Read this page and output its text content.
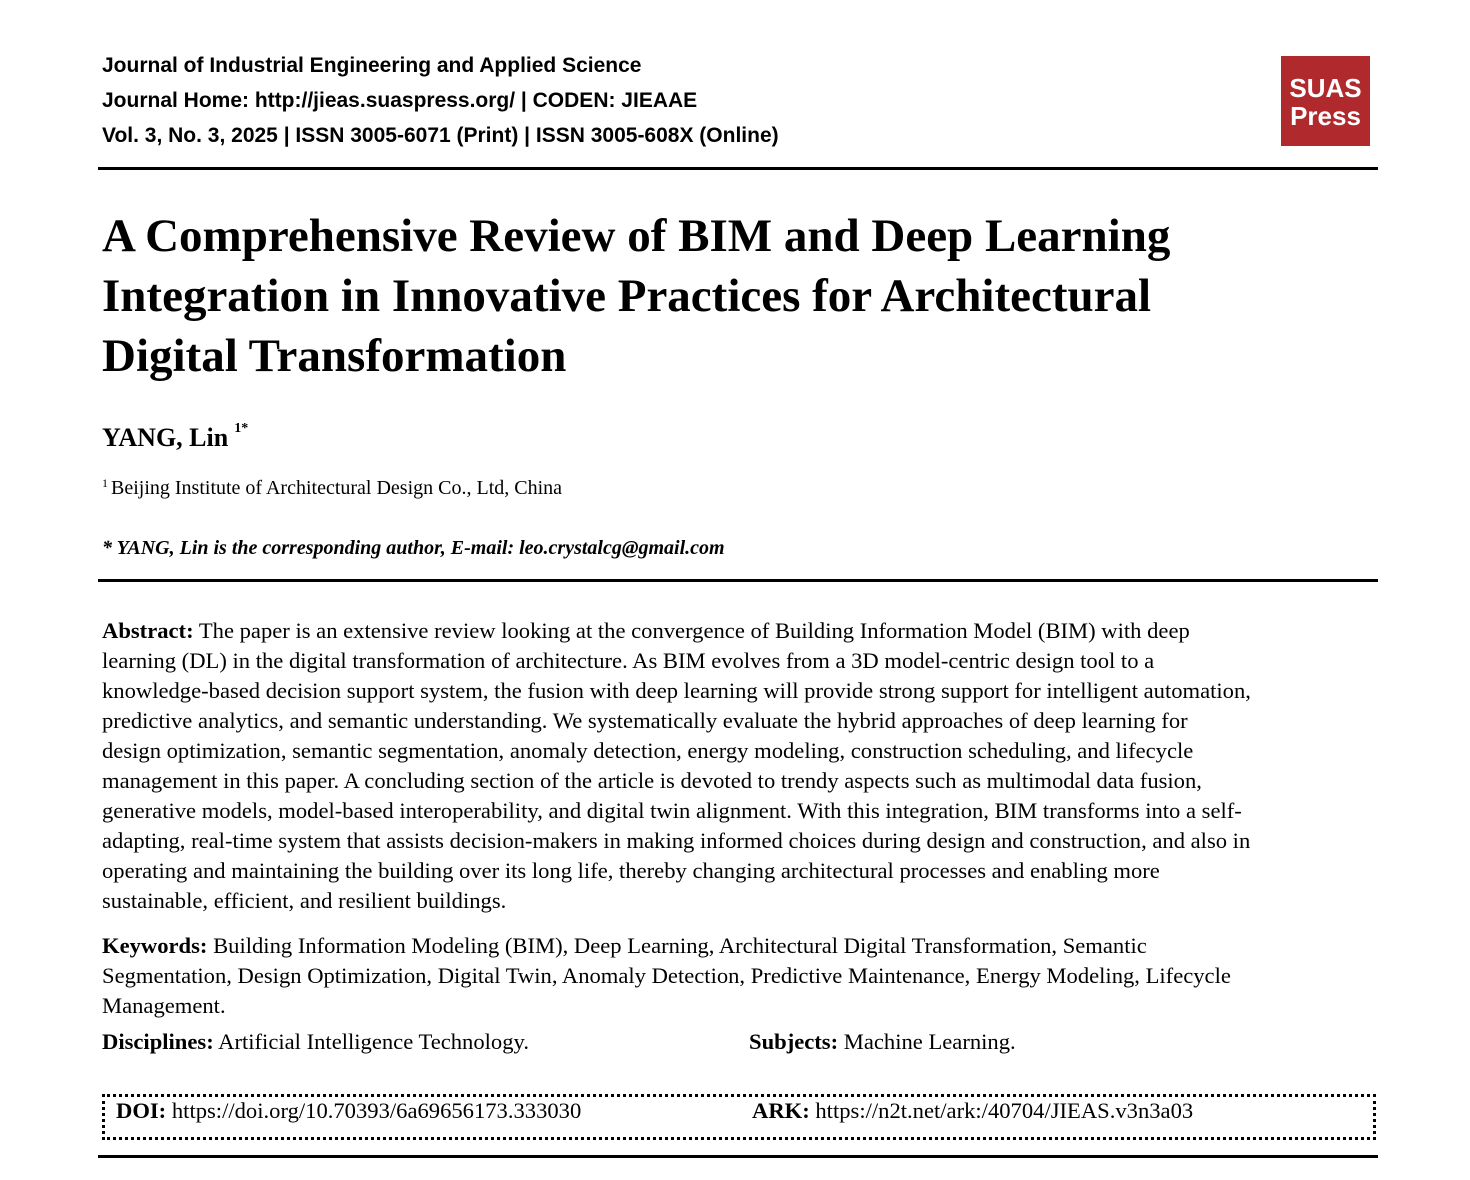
Journal of Industrial Engineering and Applied Science
Journal Home: http://jieas.suaspress.org/ | CODEN: JIEAAE
Vol. 3, No. 3, 2025 | ISSN 3005-6071 (Print) | ISSN 3005-608X (Online)
SUAS
Press
A Comprehensive Review of BIM and Deep Learning
Integration in Innovative Practices for Architectural
Digital Transformation
YANG, Lin $^{1*}$
$^1$ Beijing Institute of Architectural Design Co., Ltd, China
* YANG, Lin is the corresponding author, E-mail: leo.crystalcg@gmail.com
Abstract: The paper is an extensive review looking at the convergence of Building Information Model (BIM) with deep
learning (DL) in the digital transformation of architecture. As BIM evolves from a 3D model-centric design tool to a
knowledge-based decision support system, the fusion with deep learning will provide strong support for intelligent automation,
predictive analytics, and semantic understanding. We systematically evaluate the hybrid approaches of deep learning for
design optimization, semantic segmentation, anomaly detection, energy modeling, construction scheduling, and lifecycle
management in this paper. A concluding section of the article is devoted to trendy aspects such as multimodal data fusion,
generative models, model-based interoperability, and digital twin alignment. With this integration, BIM transforms into a self-
adapting, real-time system that assists decision-makers in making informed choices during design and construction, and also in
operating and maintaining the building over its long life, thereby changing architectural processes and enabling more
sustainable, efficient, and resilient buildings.
Keywords: Building Information Modeling (BIM), Deep Learning, Architectural Digital Transformation, Semantic
Segmentation, Design Optimization, Digital Twin, Anomaly Detection, Predictive Maintenance, Energy Modeling, Lifecycle
Management.
Disciplines: Artificial Intelligence Technology.	Subjects: Machine Learning.
DOI: https://doi.org/10.70393/6a69656173.333030	ARK: https://n2t.net/ark:/40704/JIEAS.v3n3a03
